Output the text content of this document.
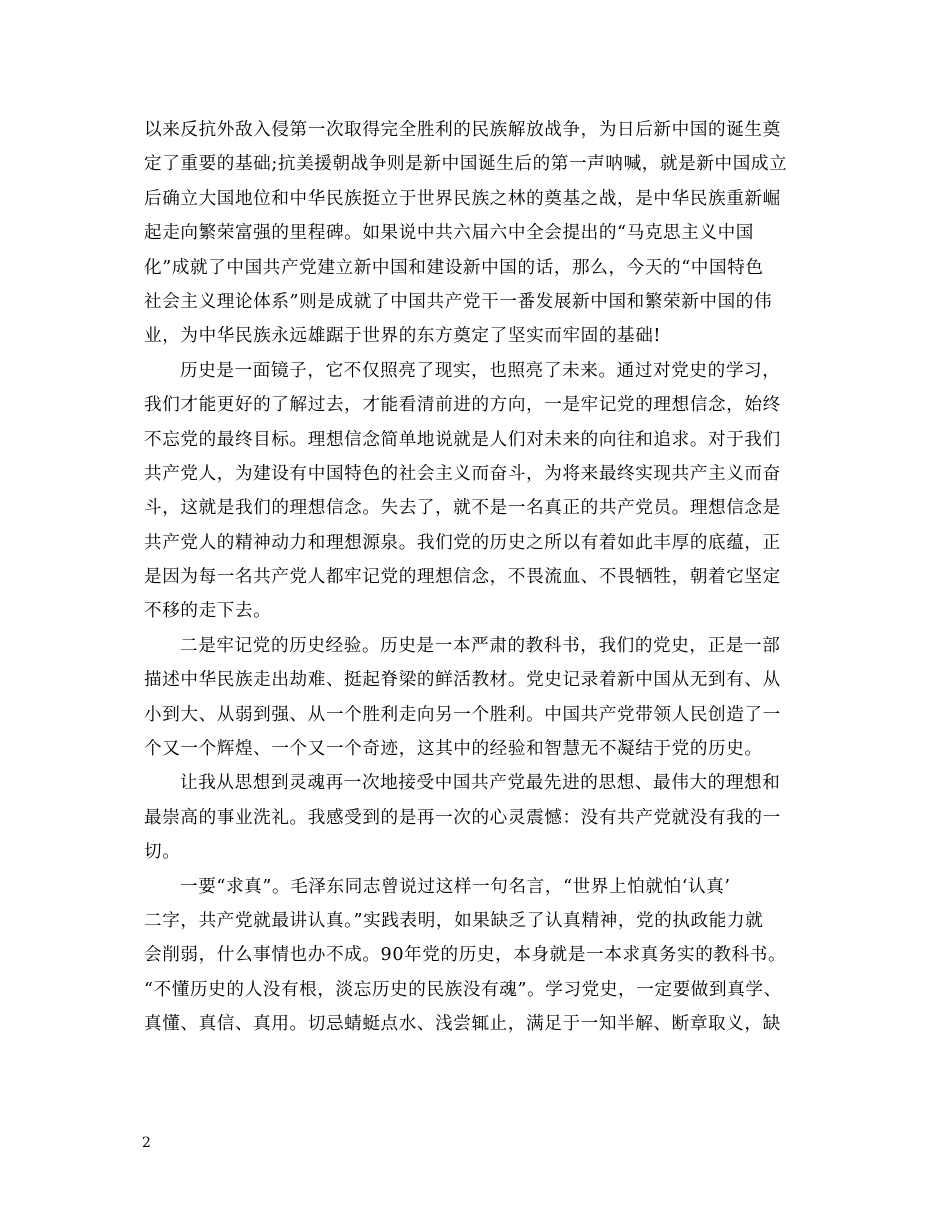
以来反抗外敌入侵第一次取得完全胜利的民族解放战争，为日后新中国的诞生奠
定了重要的基础;抗美援朝战争则是新中国诞生后的第一声呐喊，就是新中国成立
后确立大国地位和中华民族挺立于世界民族之林的奠基之战，是中华民族重新崛
起走向繁荣富强的里程碑。如果说中共六届六中全会提出的“马克思主义中国
化”成就了中国共产党建立新中国和建设新中国的话，那么，今天的“中国特色
社会主义理论体系”则是成就了中国共产党干一番发展新中国和繁荣新中国的伟
业，为中华民族永远雄踞于世界的东方奠定了坚实而牢固的基础!
历史是一面镜子，它不仅照亮了现实，也照亮了未来。通过对党史的学习，
我们才能更好的了解过去，才能看清前进的方向，一是牢记党的理想信念，始终
不忘党的最终目标。理想信念简单地说就是人们对未来的向往和追求。对于我们
共产党人，为建设有中国特色的社会主义而奋斗，为将来最终实现共产主义而奋
斗，这就是我们的理想信念。失去了，就不是一名真正的共产党员。理想信念是
共产党人的精神动力和理想源泉。我们党的历史之所以有着如此丰厚的底蕴，正
是因为每一名共产党人都牢记党的理想信念，不畏流血、不畏牺牲，朝着它坚定
不移的走下去。
二是牢记党的历史经验。历史是一本严肃的教科书，我们的党史，正是一部
描述中华民族走出劫难、挺起脊梁的鲜活教材。党史记录着新中国从无到有、从
小到大、从弱到强、从一个胜利走向另一个胜利。中国共产党带领人民创造了一
个又一个辉煌、一个又一个奇迹，这其中的经验和智慧无不凝结于党的历史。
让我从思想到灵魂再一次地接受中国共产党最先进的思想、最伟大的理想和
最崇高的事业洗礼。我感受到的是再一次的心灵震憾：没有共产党就没有我的一
切。
一要“求真”。毛泽东同志曾说过这样一句名言，“世界上怕就怕‘认真’
二字，共产党就最讲认真。”实践表明，如果缺乏了认真精神，党的执政能力就
会削弱，什么事情也办不成。90年党的历史，本身就是一本求真务实的教科书。
“不懂历史的人没有根，淡忘历史的民族没有魂”。学习党史，一定要做到真学、
真懂、真信、真用。切忌蜻蜓点水、浅尝辄止，满足于一知半解、断章取义，缺
2
